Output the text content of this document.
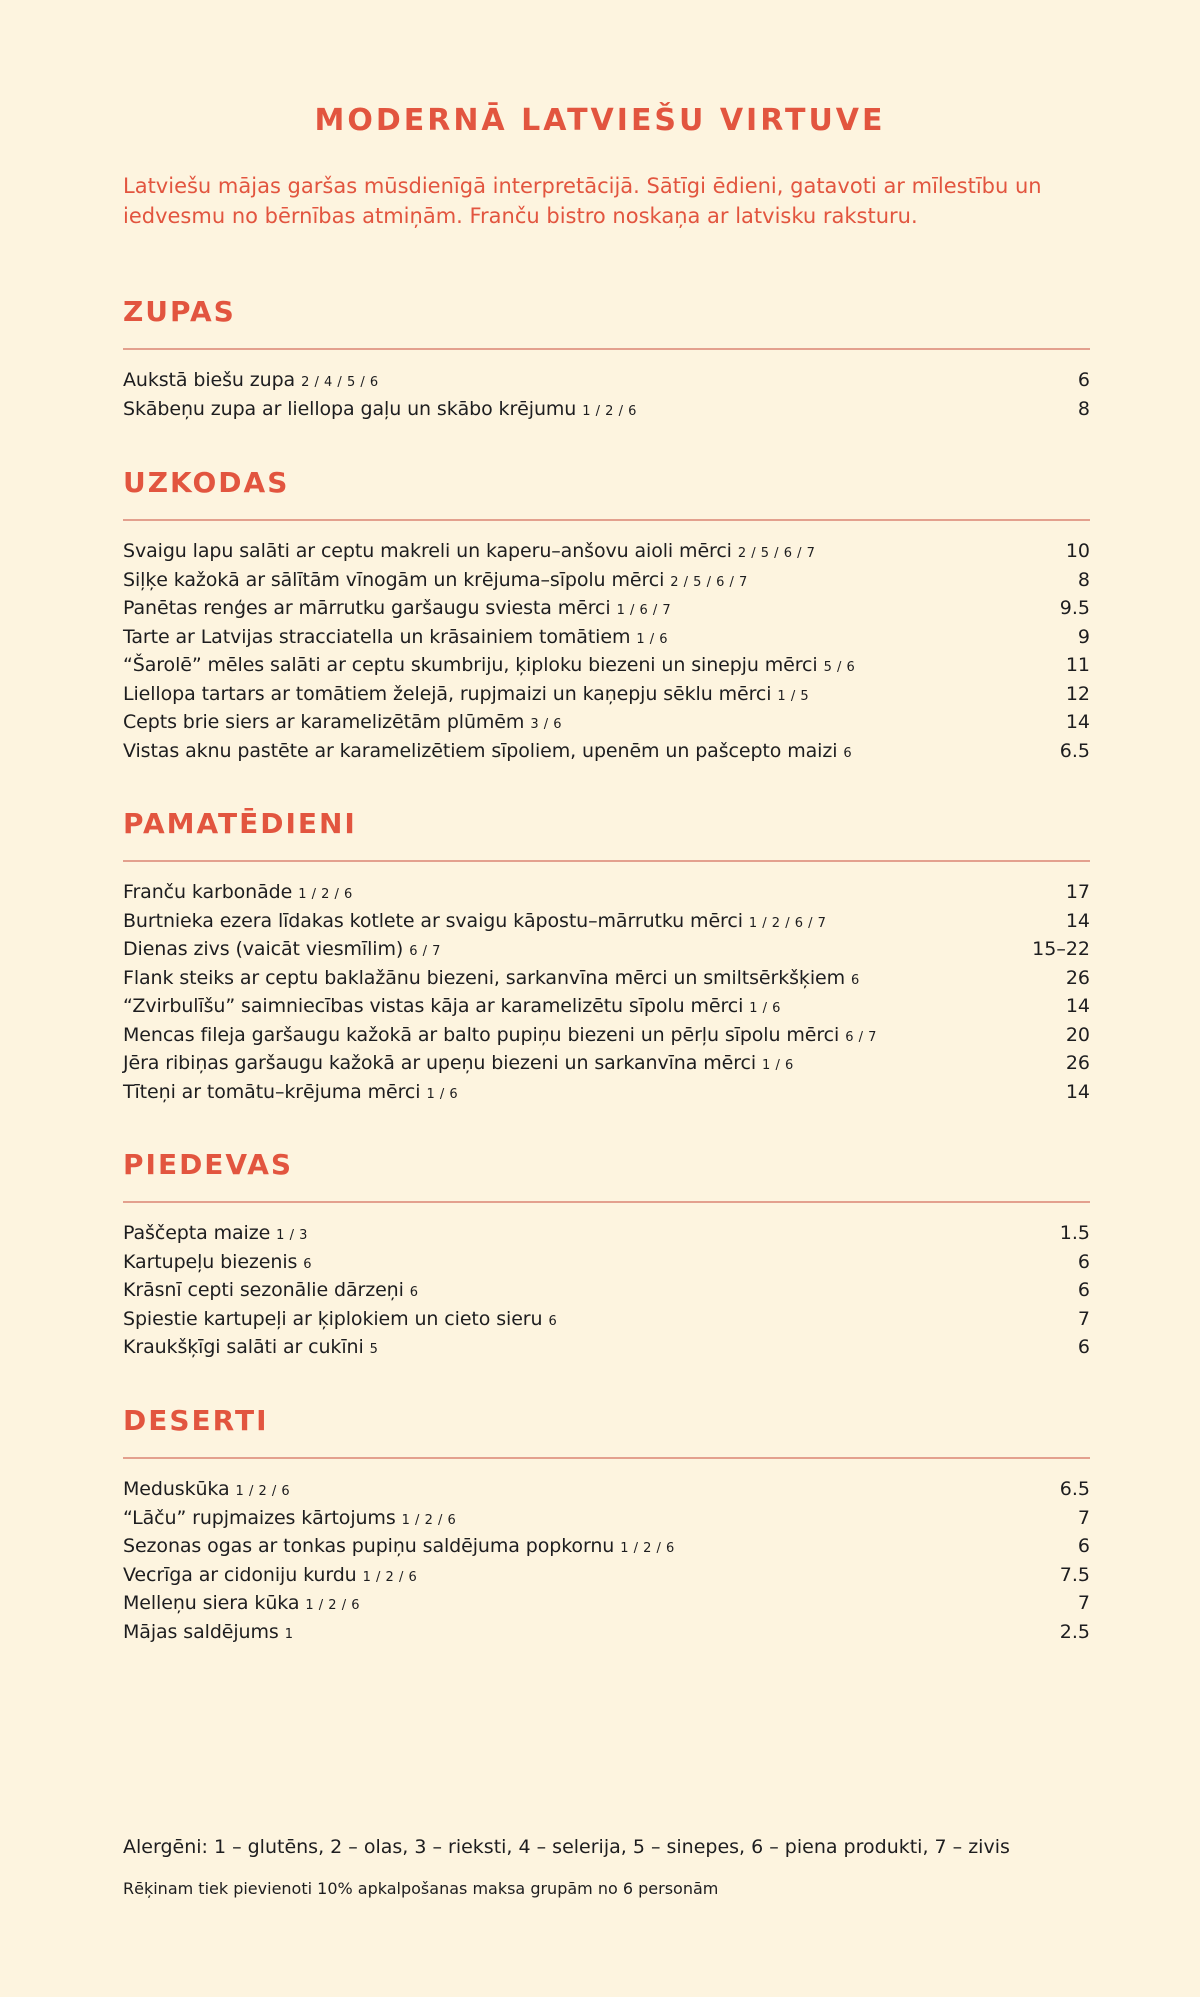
MODERNĀ LATVIEŠU VIRTUVE

Latviešu mājas garšas mūsdienīgā interpretācijā. Sātīgi ēdieni, gatavoti ar mīlestību un iedvesmu no bērnības atmiņām. Franču bistro noskaņa ar latvisku raksturu.

ZUPAS
Aukstā biešu zupa 2 / 4 / 5 / 6	6
Skābeņu zupa ar liellopa gaļu un skābo krējumu 1 / 2 / 6	8
UZKODAS
Svaigu lapu salāti ar ceptu makreli un kaperu–anšovu aioli mērci 2 / 5 / 6 / 7	10
Siļķe kažokā ar sālītām vīnogām un krējuma–sīpolu mērci 2 / 5 / 6 / 7	8
Panētas renģes ar mārrutku garšaugu sviesta mērci 1 / 6 / 7	9.5
Tarte ar Latvijas stracciatella un krāsainiem tomātiem 1 / 6	9
“Šarolē” mēles salāti ar ceptu skumbriju, ķiploku biezeni un sinepju mērci 5 / 6	11
Liellopa tartars ar tomātiem želejā, rupjmaizi un kaņepju sēklu mērci 1 / 5	12
Cepts brie siers ar karamelizētām plūmēm 3 / 6	14
Vistas aknu pastēte ar karamelizētiem sīpoliem, upenēm un pašcepto maizi 6	6.5
PAMATĒDIENI
Franču karbonāde 1 / 2 / 6	17
Burtnieka ezera līdakas kotlete ar svaigu kāpostu–mārrutku mērci 1 / 2 / 6 / 7	14
Dienas zivs (vaicāt viesmīlim) 6 / 7	15–22
Flank steiks ar ceptu baklažānu biezeni, sarkanvīna mērci un smiltsērkšķiem 6	26
“Zvirbulīšu” saimniecības vistas kāja ar karamelizētu sīpolu mērci 1 / 6	14
Mencas fileja garšaugu kažokā ar balto pupiņu biezeni un pērļu sīpolu mērci 6 / 7	20
Jēra ribiņas garšaugu kažokā ar upeņu biezeni un sarkanvīna mērci 1 / 6	26
Tīteņi ar tomātu–krējuma mērci 1 / 6	14
PIEDEVAS
Paščepta maize 1 / 3	1.5
Kartupeļu biezenis 6	6
Krāsnī cepti sezonālie dārzeņi 6	6
Spiestie kartupeļi ar ķiplokiem un cieto sieru 6	7
Kraukšķīgi salāti ar cukīni 5	6
DESERTI
Meduskūka 1 / 2 / 6	6.5
“Lāču” rupjmaizes kārtojums 1 / 2 / 6	7
Sezonas ogas ar tonkas pupiņu saldējuma popkornu 1 / 2 / 6	6
Vecrīga ar cidoniju kurdu 1 / 2 / 6	7.5
Melleņu siera kūka 1 / 2 / 6	7
Mājas saldējums 1	2.5

Alergēni: 1 – glutēns, 2 – olas, 3 – rieksti, 4 – selerija, 5 – sinepes, 6 – piena produkti, 7 – zivis

Rēķinam tiek pievienoti 10% apkalpošanas maksa grupām no 6 personām
